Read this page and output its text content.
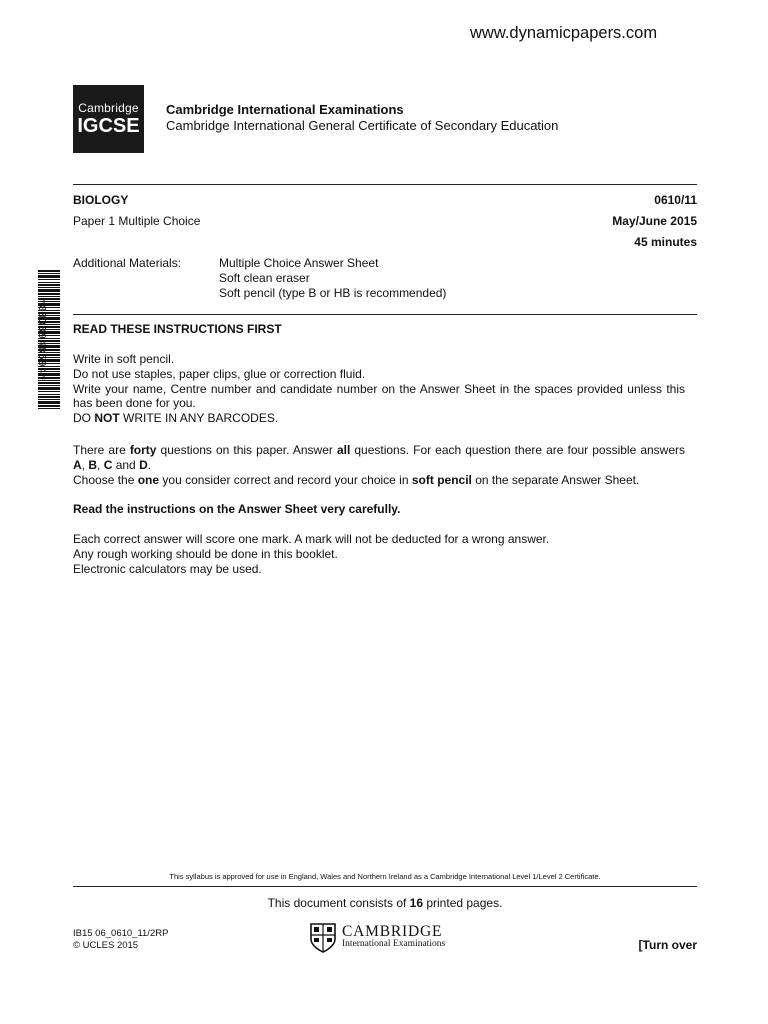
www.dynamicpapers.com
Cambridge
IGCSE
Cambridge International Examinations
Cambridge International General Certificate of Secondary Education
BIOLOGY	0610/11
Paper 1 Multiple Choice	May/June 2015
45 minutes
Additional Materials:	Multiple Choice Answer Sheet
Soft clean eraser
Soft pencil (type B or HB is recommended)
*8833948694* READ THESE INSTRUCTIONS FIRST

Write in soft pencil.

Do not use staples, paper clips, glue or correction fluid.

Write your name, Centre number and candidate number on the Answer Sheet in the spaces provided unless this has been done for you.

DO NOT WRITE IN ANY BARCODES.

There are forty questions on this paper. Answer all questions. For each question there are four possible answers A, B, C and D.

Choose the one you consider correct and record your choice in soft pencil on the separate Answer Sheet.

Read the instructions on the Answer Sheet very carefully.

Each correct answer will score one mark. A mark will not be deducted for a wrong answer.

Any rough working should be done in this booklet.

Electronic calculators may be used.

This syllabus is approved for use in England, Wales and Northern Ireland as a Cambridge International Level 1/Level 2 Certificate.
This document consists of 16 printed pages.
IB15 06_0610_11/2RP
© UCLES 2015
CAMBRIDGE
International Examinations	[Turn over
